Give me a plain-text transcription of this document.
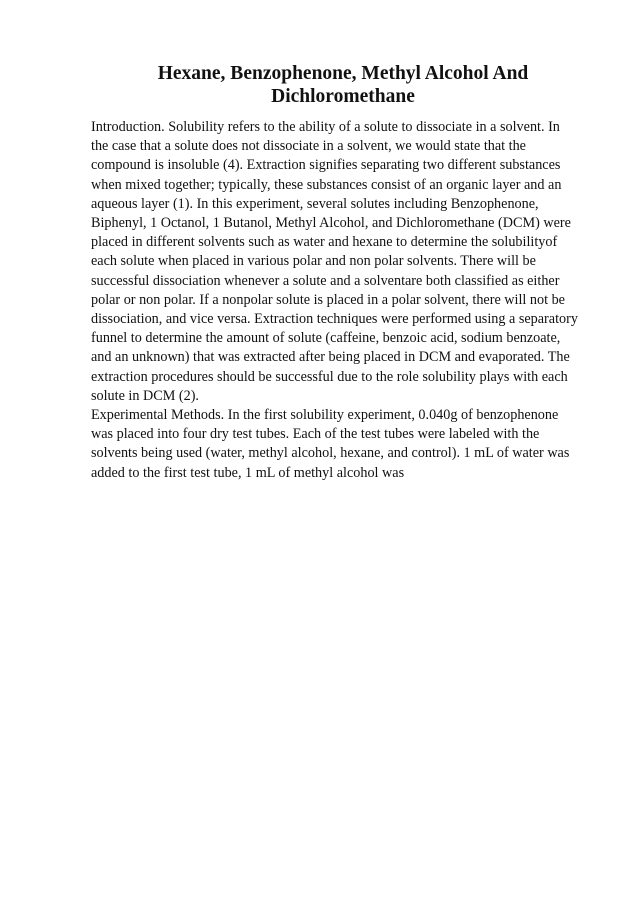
Hexane, Benzophenone, Methyl Alcohol And
Dichloromethane

Introduction. Solubility refers to the ability of a solute to dissociate in a solvent. In
the case that a solute does not dissociate in a solvent, we would state that the
compound is insoluble (4). Extraction signifies separating two different substances
when mixed together; typically, these substances consist of an organic layer and an
aqueous layer (1). In this experiment, several solutes including Benzophenone,
Biphenyl, 1 Octanol, 1 Butanol, Methyl Alcohol, and Dichloromethane (DCM) were
placed in different solvents such as water and hexane to determine the solubilityof
each solute when placed in various polar and non polar solvents. There will be
successful dissociation whenever a solute and a solventare both classified as either
polar or non polar. If a nonpolar solute is placed in a polar solvent, there will not be
dissociation, and vice versa. Extraction techniques were performed using a separatory
funnel to determine the amount of solute (caffeine, benzoic acid, sodium benzoate,
and an unknown) that was extracted after being placed in DCM and evaporated. The
extraction procedures should be successful due to the role solubility plays with each
solute in DCM (2).
Experimental Methods. In the first solubility experiment, 0.040g of benzophenone
was placed into four dry test tubes. Each of the test tubes were labeled with the
solvents being used (water, methyl alcohol, hexane, and control). 1 mL of water was
added to the first test tube, 1 mL of methyl alcohol was
